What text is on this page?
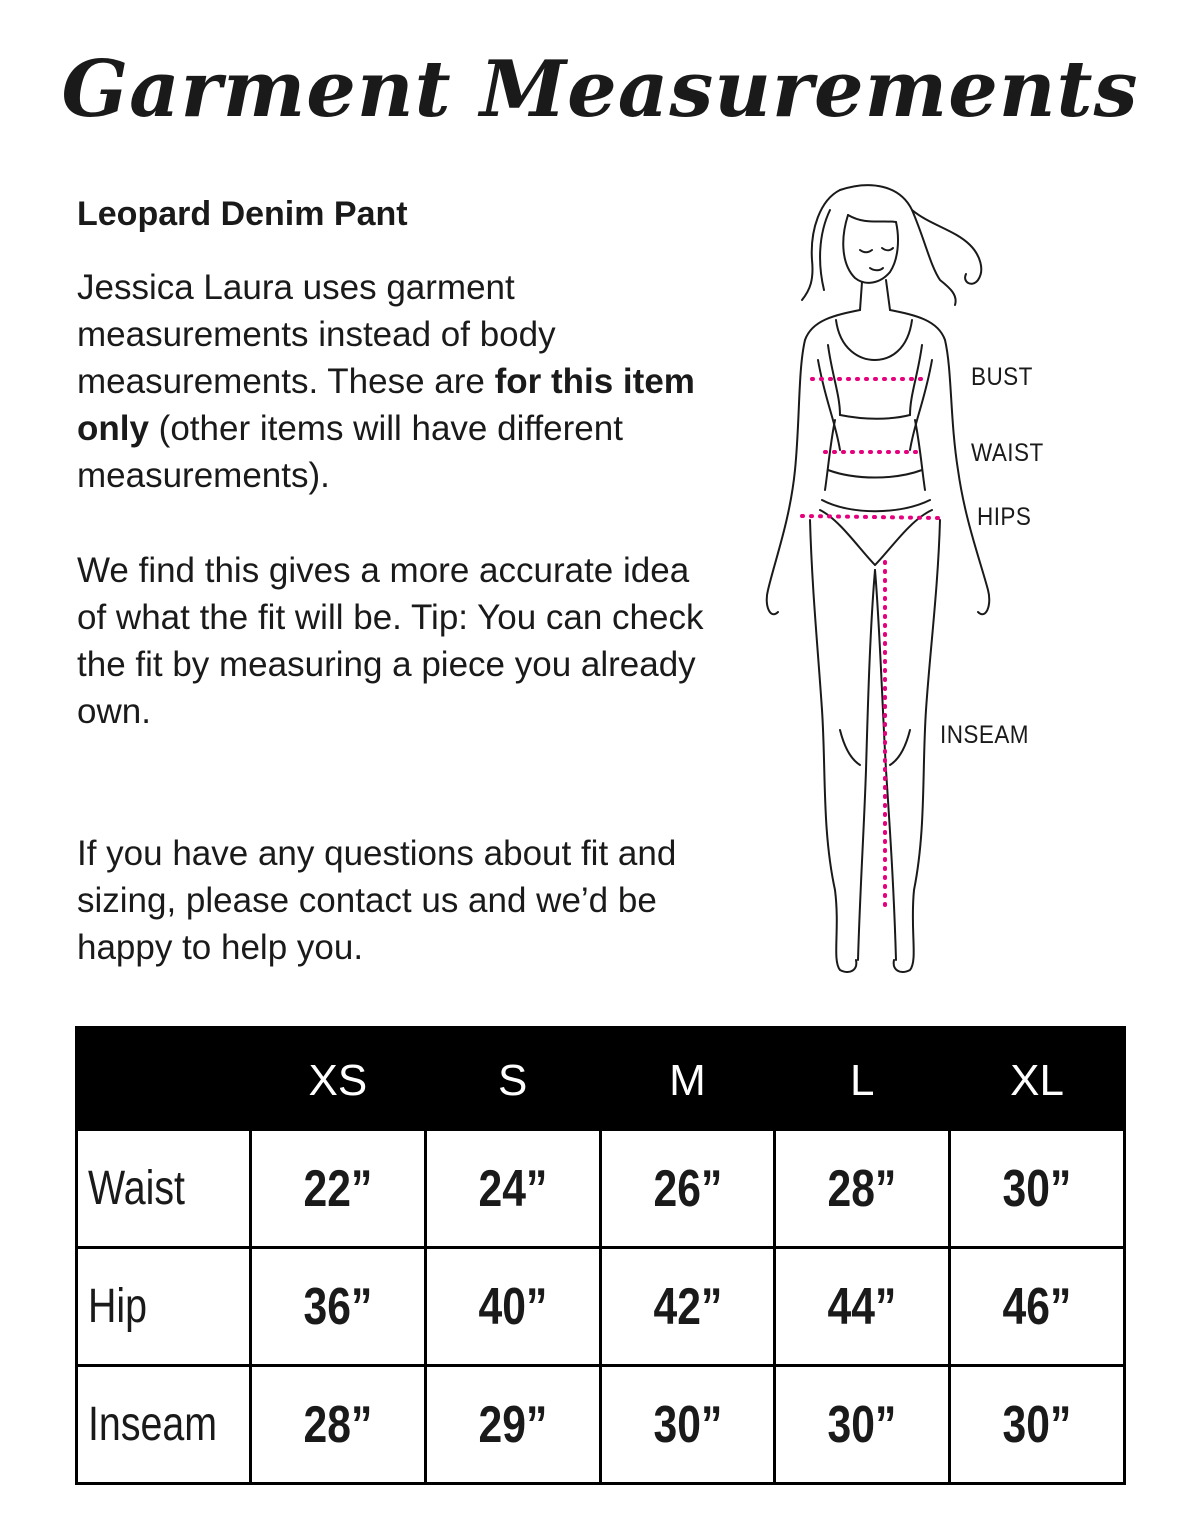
Garment Measurements
Leopard Denim Pant

Jessica Laura uses garment measurements instead of body measurements. These are for this item only (other items will have different measurements).

We find this gives a more accurate idea of what the fit will be. Tip: You can check the fit by measuring a piece you already own.

If you have any questions about fit and sizing, please contact us and we’d be happy to help you.

BUST
WAIST
HIPS
INSEAM
	XS	S	M	L	XL
Waist	22”	24”	26”	28”	30”
Hip	36”	40”	42”	44”	46”
Inseam	28”	29”	30”	30”	30”
